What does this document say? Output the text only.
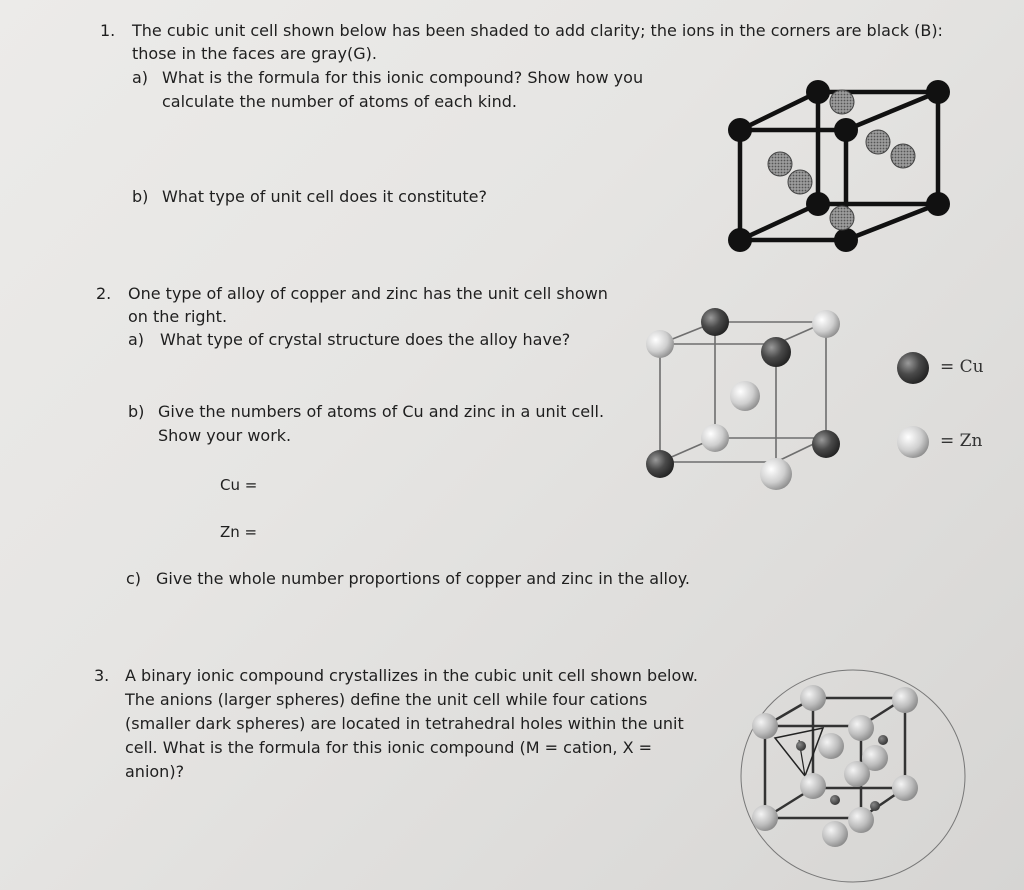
1. The cubic unit cell shown below has been shaded to add clarity; the ions in the corners are black (B):
those in the faces are gray(G).
a) What is the formula for this ionic compound? Show how you
calculate the number of atoms of each kind.
b) What type of unit cell does it constitute?
2. One type of alloy of copper and zinc has the unit cell shown
on the right.
a) What type of crystal structure does the alloy have?
b) Give the numbers of atoms of Cu and zinc in a unit cell.
Show your work.
Cu =
Zn =
c) Give the whole number proportions of copper and zinc in the alloy.
= Cu
= Zn
3. A binary ionic compound crystallizes in the cubic unit cell shown below.
The anions (larger spheres) define the unit cell while four cations
(smaller dark spheres) are located in tetrahedral holes within the unit
cell. What is the formula for this ionic compound (M = cation, X =
anion)?
